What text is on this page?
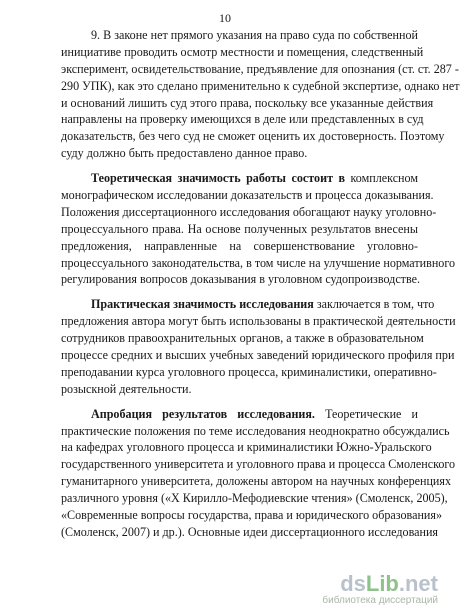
10
9. В законе нет прямого указания на право суда по собственной
инициативе проводить осмотр местности и помещения, следственный
эксперимент, освидетельствование, предъявление для опознания (ст. ст. 287 -
290 УПК), как это сделано применительно к судебной экспертизе, однако нет
и оснований лишить суд этого права, поскольку все указанные действия
направлены на проверку имеющихся в деле или представленных в суд
доказательств, без чего суд не сможет оценить их достоверность. Поэтому
суду должно быть предоставлено данное право.
Теоретическая значимость работы состоит в комплексном
монографическом исследовании доказательств и процесса доказывания.
Положения диссертационного исследования обогащают науку уголовно-
процессуального права. На основе полученных результатов внесены
предложения, направленные на совершенствование уголовно-
процессуального законодательства, в том числе на улучшение нормативного
регулирования вопросов доказывания в уголовном судопроизводстве.
Практическая значимость исследования заключается в том, что
предложения автора могут быть использованы в практической деятельности
сотрудников правоохранительных органов, а также в образовательном
процессе средних и высших учебных заведений юридического профиля при
преподавании курса уголовного процесса, криминалистики, оперативно-
розыскной деятельности.
Апробация результатов исследования. Теоретические и
практические положения по теме исследования неоднократно обсуждались
на кафедрах уголовного процесса и криминалистики Южно-Уральского
государственного университета и уголовного права и процесса Смоленского
гуманитарного университета, доложены автором на научных конференциях
различного уровня («Х Кирилло-Мефодиевские чтения» (Смоленск, 2005),
«Современные вопросы государства, права и юридического образования»
(Смоленск, 2007) и др.). Основные идеи диссертационного исследования
dsLib.net
библиотека диссертаций
